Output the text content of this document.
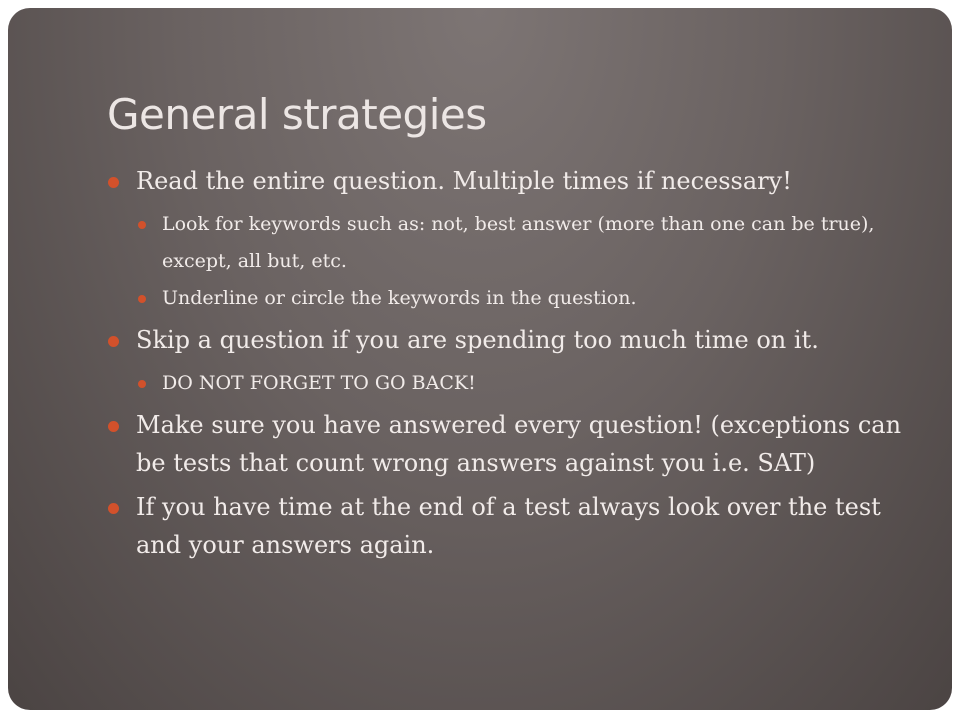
General strategies
Read the entire question. Multiple times if necessary!
Look for keywords such as: not, best answer (more than one can be true), except, all but, etc.
Underline or circle the keywords in the question.
Skip a question if you are spending too much time on it.
DO NOT FORGET TO GO BACK!
Make sure you have answered every question! (exceptions can be tests that count wrong answers against you i.e. SAT)
If you have time at the end of a test always look over the test and your answers again.
